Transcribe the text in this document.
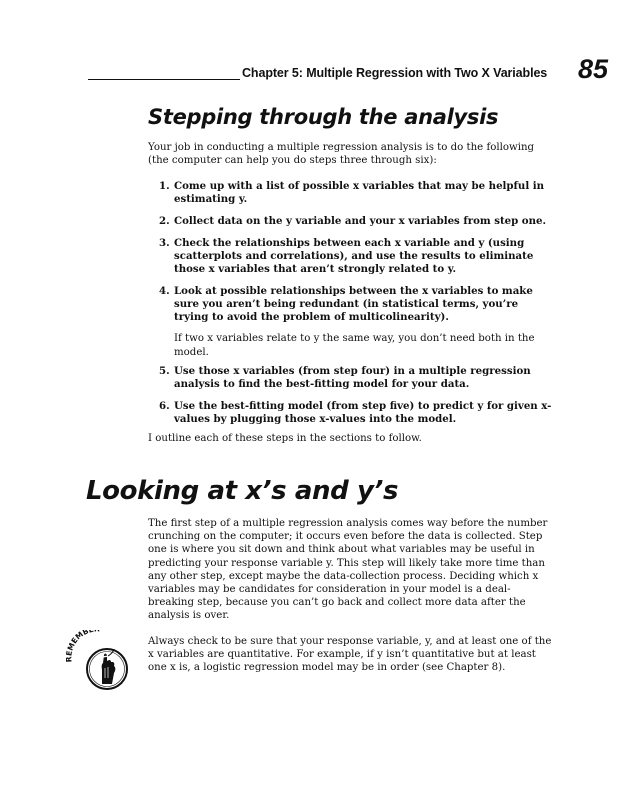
Chapter 5: Multiple Regression with Two X Variables 85
Stepping through the analysis

Your job in conducting a multiple regression analysis is to do the following (the computer can help you do steps three through six):

1. Come up with a list of possible x variables that may be helpful in estimating y.
2. Collect data on the y variable and your x variables from step one.
3. Check the relationships between each x variable and y (using scatterplots and correlations), and use the results to eliminate those x variables that aren’t strongly related to y.
4. Look at possible relationships between the x variables to make sure you aren’t being redundant (in statistical terms, you’re trying to avoid the problem of multicolinearity).
If two x variables relate to y the same way, you don’t need both in the model.
5. Use those x variables (from step four) in a multiple regression analysis to find the best-fitting model for your data.
6. Use the best-fitting model (from step five) to predict y for given x-values by plugging those x-values into the model.

I outline each of these steps in the sections to follow.

Looking at x’s and y’s

The first step of a multiple regression analysis comes way before the number crunching on the computer; it occurs even before the data is collected. Step one is where you sit down and think about what variables may be useful in predicting your response variable y. This step will likely take more time than any other step, except maybe the data-collection process. Deciding which x variables may be candidates for consideration in your model is a deal-breaking step, because you can’t go back and collect more data after the analysis is over.

MEMB

Always check to be sure that your response variable, y, and at least one of the x variables are quantitative. For example, if y isn’t quantitative but at least one x is, a logistic regression model may be in order (see Chapter 8).
